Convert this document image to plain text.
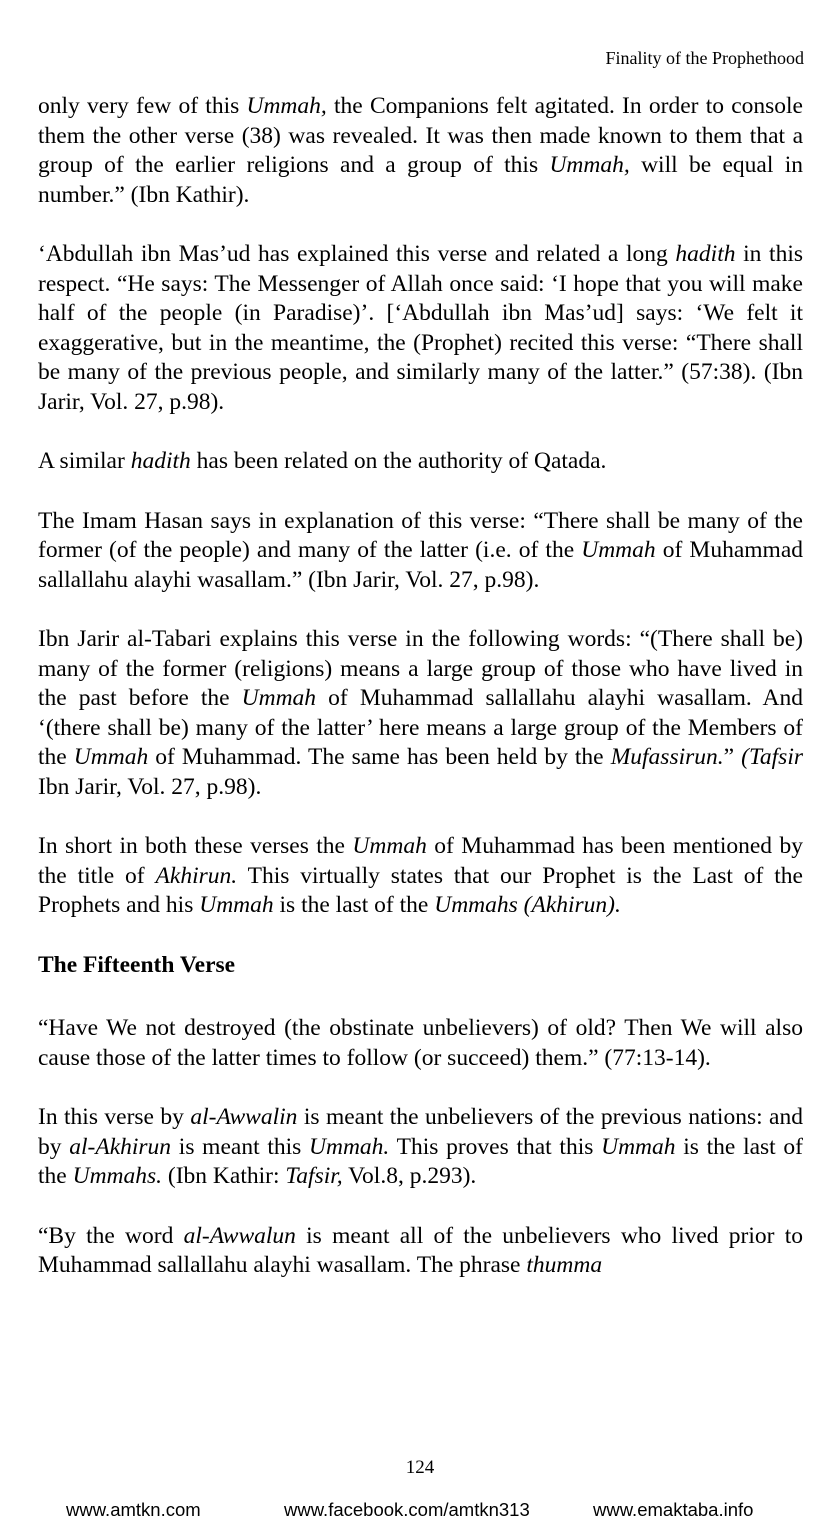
Finality of the Prophethood

only very few of this Ummah, the Companions felt agitated. In order to console them the other verse (38) was revealed. It was then made known to them that a group of the earlier religions and a group of this Ummah, will be equal in number.” (Ibn Kathir).

‘Abdullah ibn Mas’ud has explained this verse and related a long hadith in this respect. “He says: The Messenger of Allah once said: ‘I hope that you will make half of the people (in Paradise)’. [‘Abdullah ibn Mas’ud] says: ‘We felt it exaggerative, but in the meantime, the (Prophet) recited this verse: “There shall be many of the previous people, and similarly many of the latter.” (57:38). (Ibn Jarir, Vol. 27, p.98).

A similar hadith has been related on the authority of Qatada.

The Imam Hasan says in explanation of this verse: “There shall be many of the former (of the people) and many of the latter (i.e. of the Ummah of Muhammad sallallahu alayhi wasallam.” (Ibn Jarir, Vol. 27, p.98).

Ibn Jarir al-Tabari explains this verse in the following words: “(There shall be) many of the former (religions) means a large group of those who have lived in the past before the Ummah of Muhammad sallallahu alayhi wasallam. And ‘(there shall be) many of the latter’ here means a large group of the Members of the Ummah of Muhammad. The same has been held by the Mufassirun.” (Tafsir Ibn Jarir, Vol. 27, p.98).

In short in both these verses the Ummah of Muhammad has been mentioned by the title of Akhirun. This virtually states that our Prophet is the Last of the Prophets and his Ummah is the last of the Ummahs (Akhirun).

The Fifteenth Verse

“Have We not destroyed (the obstinate unbelievers) of old? Then We will also cause those of the latter times to follow (or succeed) them.” (77:13-14).

In this verse by al-Awwalin is meant the unbelievers of the previous nations: and by al-Akhirun is meant this Ummah. This proves that this Ummah is the last of the Ummahs. (Ibn Kathir: Tafsir, Vol.8, p.293).

“By the word al-Awwalun is meant all of the unbelievers who lived prior to Muhammad sallallahu alayhi wasallam. The phrase thumma

124
www.amtkn.com	www.facebook.com/amtkn313	www.emaktaba.info
